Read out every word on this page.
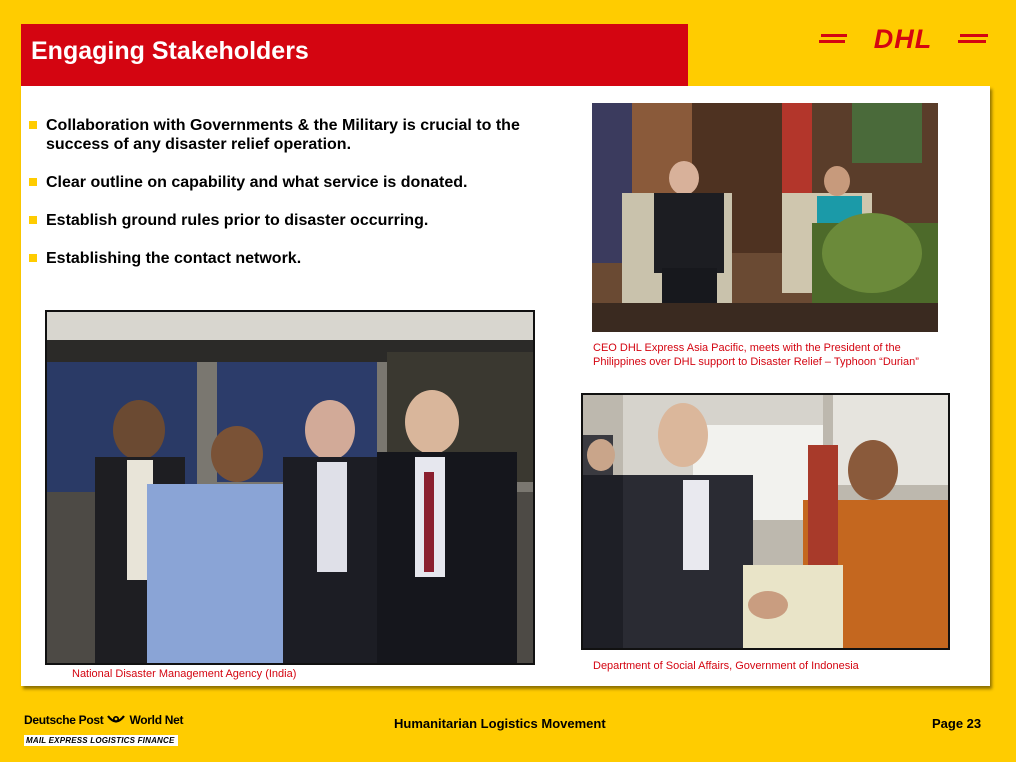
Engaging Stakeholders	DHL
Collaboration with Governments & the Military is crucial to the success of any disaster relief operation.
Clear outline on capability and what service is donated.
Establish ground rules prior to disaster occurring.
Establishing the contact network.
National Disaster Management Agency (India)
CEO DHL Express Asia Pacific, meets with the President of the Philippines over DHL support to Disaster Relief – Typhoon “Durian”
Department of Social Affairs, Government of Indonesia
Deutsche Post World Net
MAIL EXPRESS LOGISTICS FINANCE
Humanitarian Logistics Movement	Page 23
